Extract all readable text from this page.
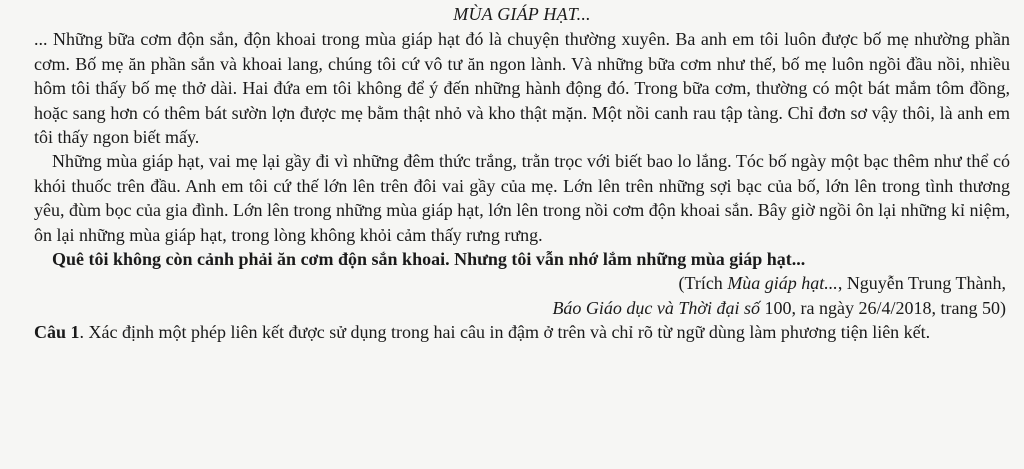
MÙA GIÁP HẠT...

... Những bữa cơm độn sắn, độn khoai trong mùa giáp hạt đó là chuyện thường xuyên. Ba anh em tôi luôn được bố mẹ nhường phần cơm. Bố mẹ ăn phần sắn và khoai lang, chúng tôi cứ vô tư ăn ngon lành. Và những bữa cơm như thế, bố mẹ luôn ngồi đầu nồi, nhiều hôm tôi thấy bố mẹ thở dài. Hai đứa em tôi không để ý đến những hành động đó. Trong bữa cơm, thường có một bát mắm tôm đồng, hoặc sang hơn có thêm bát sườn lợn được mẹ bằm thật nhỏ và kho thật mặn. Một nồi canh rau tập tàng. Chỉ đơn sơ vậy thôi, là anh em tôi thấy ngon biết mấy.

Những mùa giáp hạt, vai mẹ lại gầy đi vì những đêm thức trắng, trằn trọc với biết bao lo lắng. Tóc bố ngày một bạc thêm như thể có khói thuốc trên đầu. Anh em tôi cứ thế lớn lên trên đôi vai gầy của mẹ. Lớn lên trên những sợi bạc của bố, lớn lên trong tình thương yêu, đùm bọc của gia đình. Lớn lên trong những mùa giáp hạt, lớn lên trong nồi cơm độn khoai sắn. Bây giờ ngồi ôn lại những kỉ niệm, ôn lại những mùa giáp hạt, trong lòng không khỏi cảm thấy rưng rưng.

Quê tôi không còn cảnh phải ăn cơm độn sắn khoai. Nhưng tôi vẫn nhớ lắm những mùa giáp hạt...

(Trích Mùa giáp hạt..., Nguyễn Trung Thành,
Báo Giáo dục và Thời đại số 100, ra ngày 26/4/2018, trang 50)

Câu 1. Xác định một phép liên kết được sử dụng trong hai câu in đậm ở trên và chỉ rõ từ ngữ dùng làm phương tiện liên kết.
